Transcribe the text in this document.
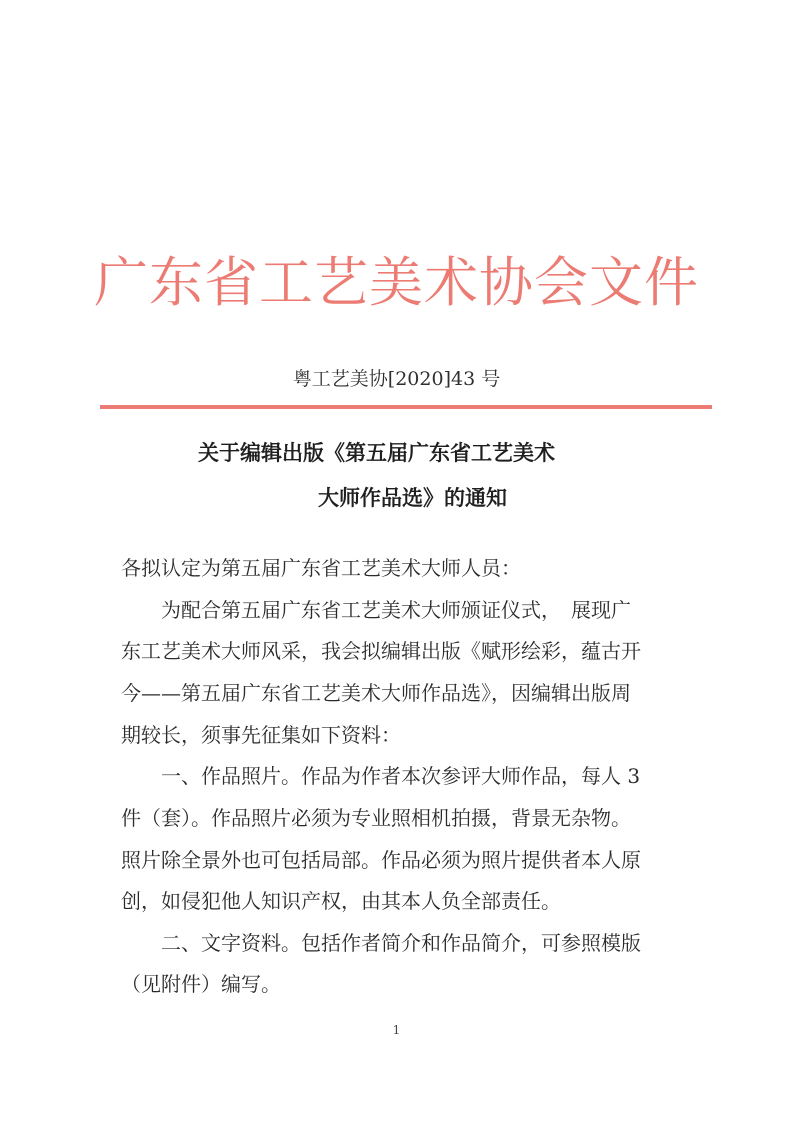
广东省工艺美术协会文件
粤工艺美协[2020]43 号
关于编辑出版《第五届广东省工艺美术
大师作品选》的通知
各拟认定为第五届广东省工艺美术大师人员：
　　为配合第五届广东省工艺美术大师颁证仪式，　展现广
东工艺美术大师风采，我会拟编辑出版《赋形绘彩，蕴古开
今——第五届广东省工艺美术大师作品选》，因编辑出版周
期较长，须事先征集如下资料：
　　一、作品照片。作品为作者本次参评大师作品，每人 3
件（套）。作品照片必须为专业照相机拍摄，背景无杂物。
照片除全景外也可包括局部。作品必须为照片提供者本人原
创，如侵犯他人知识产权，由其本人负全部责任。
　　二、文字资料。包括作者简介和作品简介，可参照模版
（见附件）编写。
1
